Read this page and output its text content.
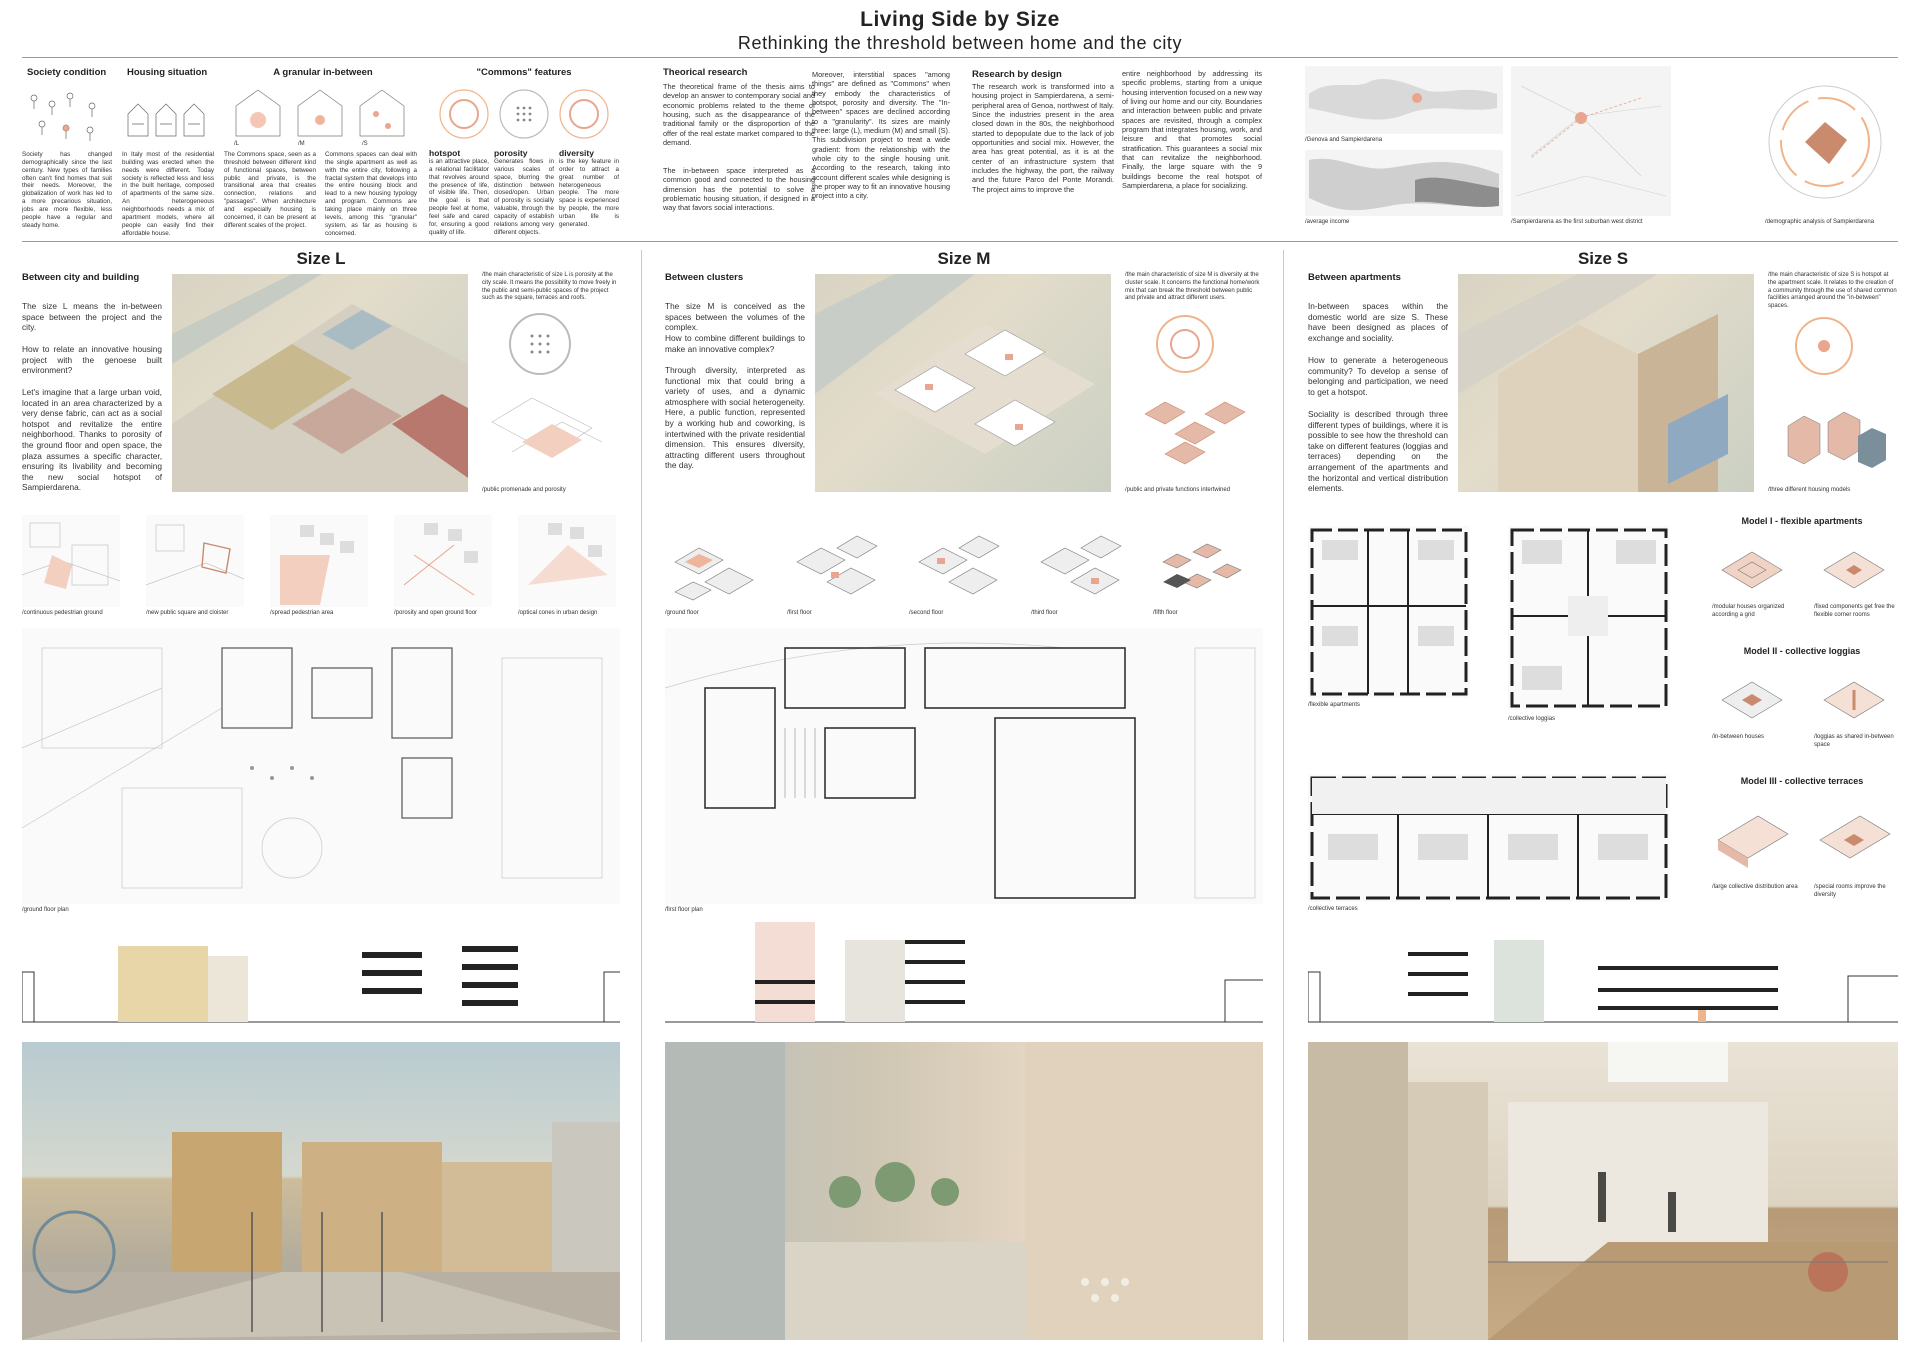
Living Side by Size
Rethinking the threshold between home and the city
Society condition
Society has changed demographically since the last century. New types of families often can't find homes that suit their needs. Moreover, the globalization of work has led to a more precarious situation, jobs are more flexible, less people have a regular and steady home.
Housing situation
In Italy most of the residential building was erected when the needs were different. Today society is reflected less and less in the built heritage, composed of apartments of the same size. An heterogeneous neighborhoods needs a mix of apartment models, where all people can easily find their affordable house.
A granular in-between
/L	/M	/S
The Commons space, seen as a threshold between different kind of functional spaces, between public and private, is the transitional area that creates connection, relations and "passages". When architecture and especially housing is concerned, it can be present at different scales of the project.
Commons spaces can deal with the single apartment as well as with the entire city, following a fractal system that develops into the entire housing block and lead to a new housing typology and program. Commons are taking place mainly on three levels, among this "granular" system, as far as housing is concerned.
"Commons" features
hotspot
is an attractive place, a relational facilitator that revolves around the presence of life, of visible life. Then, the goal is that people feel at home, feel safe and cared for, ensuring a good quality of life.
porosity
Generates flows in various scales of space, blurring the distinction between closed/open. Urban of porosity is socially valuable, through the capacity of establish relations among very different objects.
diversity
is the key feature in order to attract a great number of heterogeneous people. The more space is experienced by people, the more urban life is generated.
Theorical research
The theoretical frame of the thesis aims to develop an answer to contemporary social and economic problems related to the theme of housing, such as the disappearance of the traditional family or the disproportion of the offer of the real estate market compared to the demand.
The in-between space interpreted as a common good and connected to the housing dimension has the potential to solve a problematic housing situation, if designed in a way that favors social interactions.
Moreover, interstitial spaces "among things" are defined as "Commons" when they embody the characteristics of hotspot, porosity and diversity. The "In- between" spaces are declined according to a "granularity". Its sizes are mainly three: large (L), medium (M) and small (S). This subdivision project to treat a wide gradient: from the relationship with the whole city to the single housing unit. According to the research, taking into account different scales while designing is the proper way to fit an innovative housing project into a city.
Research by design
The research work is transformed into a housing project in Sampierdarena, a semi-peripheral area of Genoa, northwest of Italy. Since the industries present in the area closed down in the 80s, the neighborhood started to depopulate due to the lack of job opportunities and social mix. However, the area has great potential, as it is at the center of an infrastructure system that includes the highway, the port, the railway and the future Parco del Ponte Morandi. The project aims to improve the
entire neighborhood by addressing its specific problems, starting from a unique housing intervention focused on a new way of living our home and our city. Boundaries and interaction between public and private spaces are revisited, through a complex program that integrates housing, work, and leisure and that promotes social stratification. This guarantees a social mix that can revitalize the neighborhood. Finally, the large square with the 9 buildings become the real hotspot of Sampierdarena, a place for socializing.
/Genova and Sampierdarena
/average income	/Sampierdarena as the first suburban west district	/demographic analysis of Sampierdarena
Size L
Between city and building
The size L means the in-between space between the project and the city.
How to relate an innovative housing project with the genoese built environment?
Let's imagine that a large urban void, located in an area characterized by a very dense fabric, can act as a social hotspot and revitalize the entire neighborhood. Thanks to porosity of the ground floor and open space, the plaza assumes a specific character, ensuring its livability and becoming the new social hotspot of Sampierdarena.
/the main characteristic of size L is porosity at the city scale. It means the possibility to move freely in the public and semi-public spaces of the project such as the square, terraces and roofs.
/public promenade and porosity
/continuous pedestrian ground	/new public square and cloister	/spread pedestrian area	/porosity and open ground floor	/optical cones in urban design
/ground floor plan
Size M
Between clusters
The size M is conceived as the spaces between the volumes of the complex.
How to combine different buildings to make an innovative complex?
Through diversity, interpreted as functional mix that could bring a variety of uses, and a dynamic atmosphere with social heterogeneity. Here, a public function, represented by a working hub and coworking, is intertwined with the private residential dimension. This ensures diversity, attracting different users throughout the day.
/the main characteristic of size M is diversity at the cluster scale. It concerns the functional home/work mix that can break the threshold between public and private and attract different users.
/public and private functions intertwined
/ground floor	/first floor	/second floor	/third floor	/fifth floor
/first floor plan
Size S
Between apartments
In-between spaces within the domestic world are size S. These have been designed as places of exchange and sociality.
How to generate a heterogeneous community? To develop a sense of belonging and participation, we need to get a hotspot.
Sociality is described through three different types of buildings, where it is possible to see how the threshold can take on different features (loggias and terraces) depending on the arrangement of the apartments and the horizontal and vertical distribution elements.
/the main characteristic of size S is hotspot at the apartment scale. It relates to the creation of a community through the use of shared common facilities arranged around the "in-between" spaces.
/three different housing models
/flexible apartments
/collective loggias
/collective terraces
Model I - flexible apartments
/modular houses organized according a grid
/fixed components get free the flexible corner rooms
Model II - collective loggias
/in-between houses	/loggias as shared in-between space
Model III - collective terraces
/large collective distribution area	/special rooms improve the diversity
